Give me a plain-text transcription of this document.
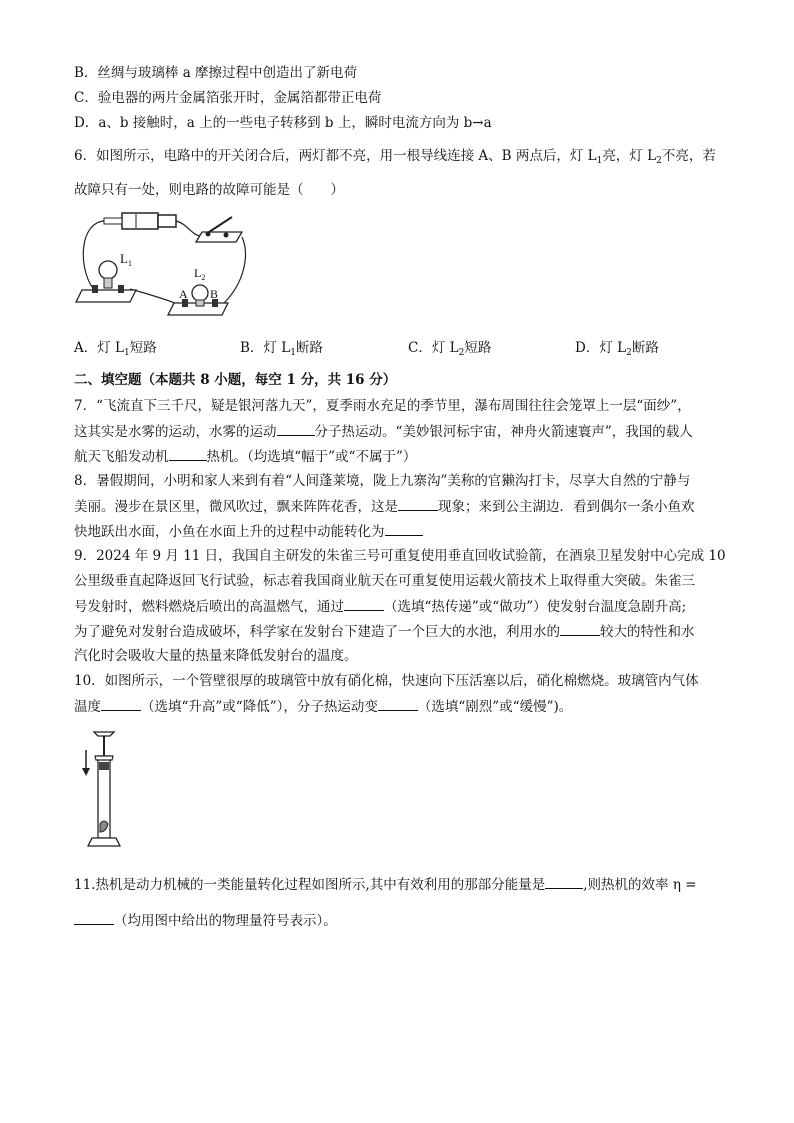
B．丝绸与玻璃棒 a 摩擦过程中创造出了新电荷
C．验电器的两片金属箔张开时，金属箔都带正电荷
D．a、b 接触时，a 上的一些电子转移到 b 上，瞬时电流方向为 b→a
6．如图所示，电路中的开关闭合后，两灯都不亮，用一根导线连接 A、B 两点后，灯 $L_1$亮，灯 $L_2$不亮，若
故障只有一处，则电路的故障可能是（　　）
$L_1$
$L_2$
A B
A．灯 $L_1$短路	B．灯 $L_1$断路	C．灯 $L_2$短路	D．灯 $L_2$断路
二、填空题（本题共 8 小题，每空 1 分，共 16 分）
7．“飞流直下三千尺，疑是银河落九天”，夏季雨水充足的季节里，瀑布周围往往会笼罩上一层“面纱”，
这其实是水雾的运动，水雾的运动	分子热运动。“美妙银河标宇宙，神舟火箭速寰声”，我国的载人
航天飞船发动机	热机。（均选填“幅于”或“不属于”）
8．暑假期间，小明和家人来到有着“人间蓬莱境，陇上九寨沟”美称的官獭沟打卡，尽享大自然的宁静与
美丽。漫步在景区里，微风吹过，飘来阵阵花香，这是	现象；来到公主湖边．看到偶尔一条小鱼欢
快地跃出水面，小鱼在水面上升的过程中动能转化为
9．2024 年 9 月 11 日，我国自主研发的朱雀三号可重复使用垂直回收试验箭，在酒泉卫星发射中心完成 10
公里级垂直起降返回飞行试验，标志着我国商业航天在可重复使用运载火箭技术上取得重大突破。朱雀三
号发射时，燃料燃烧后喷出的高温燃气，通过	（选填“热传递”或“做功”）使发射台温度急剧升高;
为了避免对发射台造成破坏，科学家在发射台下建造了一个巨大的水池，利用水的	较大的特性和水
汽化时会吸收大量的热量来降低发射台的温度。
10．如图所示，一个管壁很厚的玻璃管中放有硝化棉，快速向下压活塞以后，硝化棉燃烧。玻璃管内气体
温度	（选填“升高”或“降低”），分子热运动变	（选填“剧烈”或“缓慢”)。
11.热机是动力机械的一类能量转化过程如图所示,其中有效利用的那部分能量是	,则热机的效率 η =
（均用图中给出的物理量符号表示）。
